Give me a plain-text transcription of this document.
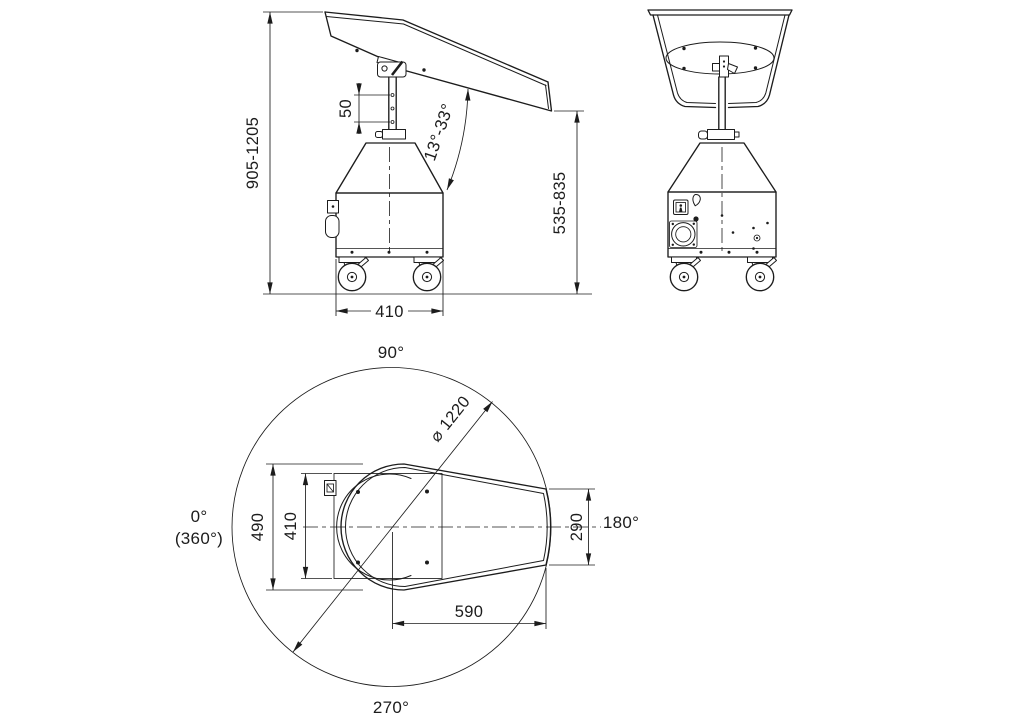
905-1205
50	13°-33°
535-835
410
90°
270°
180°
0°
(360°)
⌀ 1220
490 410	290
590
